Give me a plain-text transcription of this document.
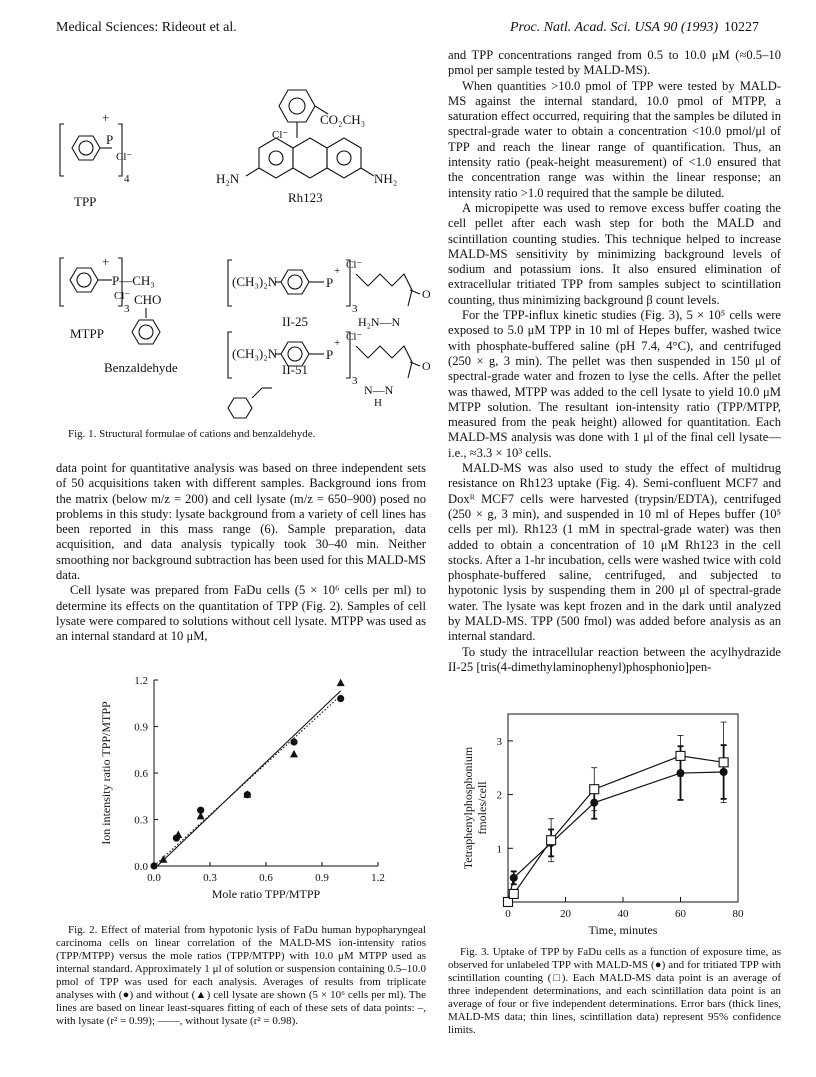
Medical Sciences: Rideout et al.	Proc. Natl. Acad. Sci. USA 90 (1993) 10227
+
P
Cl⁻
4
TPP
CO₂CH₃
Cl⁻
H₂N	NH₂
Rh123
+
P—CH₃
Cl⁻
3
MTPP
(CH₃)₂N	P
+ Cl⁻
3
O
H₂N—N
II-25
CHO
Benzaldehyde
(CH₃)₂N	P
+ Cl⁻
3
O
N—N
H
II-51

Fig. 1. Structural formulae of cations and benzaldehyde.

data point for quantitative analysis was based on three independent sets of 50 acquisitions taken with different samples. Background ions from the matrix (below m/z = 200) and cell lysate (m/z = 650–900) posed no problems in this study: lysate background from a variety of cell lines has been reported in this mass range (6). Sample preparation, data acquisition, and data analysis typically took 30–40 min. Neither smoothing nor background subtraction has been used for this MALD-MS data.

Cell lysate was prepared from FaDu cells (5 × 10⁶ cells per ml) to determine its effects on the quantitation of TPP (Fig. 2). Samples of cell lysate were compared to solutions without cell lysate. MTPP was used as an internal standard at 10 μM,

0.0	0.3	0.6	0.9	1.2
0.0
0.3
0.6
0.9
1.2
Ion intensity ratio TPP/MTPP
Mole ratio TPP/MTPP

Fig. 2. Effect of material from hypotonic lysis of FaDu human hypopharyngeal carcinoma cells on linear correlation of the MALD-MS ion-intensity ratios (TPP/MTPP) versus the mole ratios (TPP/MTPP) with 10.0 μM MTPP used as internal standard. Approximately 1 μl of solution or suspension containing 0.5–10.0 pmol of TPP was used for each analysis. Averages of results from triplicate analyses with (●) and without (▲) cell lysate are shown (5 × 10⁶ cells per ml). The lines are based on linear least-squares fitting of each of these sets of data points: –, with lysate (r² = 0.99); ——, without lysate (r² = 0.98).

and TPP concentrations ranged from 0.5 to 10.0 μM (≈0.5–10 pmol per sample tested by MALD-MS).

When quantities >10.0 pmol of TPP were tested by MALD-MS against the internal standard, 10.0 pmol of MTPP, a saturation effect occurred, requiring that the samples be diluted in spectral-grade water to obtain a concentration <10.0 pmol/μl of TPP and reach the linear range of quantification. Thus, an intensity ratio (peak-height measurement) of <1.0 ensured that the concentration range was within the linear response; an intensity ratio >1.0 required that the sample be diluted.

A micropipette was used to remove excess buffer coating the cell pellet after each wash step for both the MALD and scintillation counting studies. This technique helped to increase MALD-MS sensitivity by minimizing background levels of sodium and potassium ions. It also ensured elimination of extracellular tritiated TPP from samples subject to scintillation counting, thus minimizing background β count levels.

For the TPP-influx kinetic studies (Fig. 3), 5 × 10⁵ cells were exposed to 5.0 μM TPP in 10 ml of Hepes buffer, washed twice with phosphate-buffered saline (pH 7.4, 4°C), and centrifuged (250 × g, 3 min). The pellet was then suspended in 150 μl of spectral-grade water and frozen to lyse the cells. After the pellet was thawed, MTPP was added to the cell lysate to yield 10.0 μM MTPP solution. The resultant ion-intensity ratio (TPP/MTPP, measured from the peak height) allowed for quantitation. Each MALD-MS analysis was done with 1 μl of the final cell lysate—i.e., ≈3.3 × 10³ cells.

MALD-MS was also used to study the effect of multidrug resistance on Rh123 uptake (Fig. 4). Semi-confluent MCF7 and Doxᴿ MCF7 cells were harvested (trypsin/EDTA), centrifuged (250 × g, 3 min), and suspended in 10 ml of Hepes buffer (10⁵ cells per ml). Rh123 (1 mM in spectral-grade water) was then added to obtain a concentration of 10 μM Rh123 in the cell stocks. After a 1-hr incubation, cells were washed twice with cold phosphate-buffered saline, centrifuged, and subjected to hypotonic lysis by suspending them in 200 μl of spectral-grade water. The lysate was kept frozen and in the dark until analyzed by MALD-MS. TPP (500 fmol) was added before analysis as an internal standard.

To study the intracellular reaction between the acylhydrazide II-25 [tris(4-dimethylaminophenyl)phosphonio]pen-

0	20	40	60	80
1
2
3
Tetraphenylphosphoniumfmoles/cell
Time, minutes

Fig. 3. Uptake of TPP by FaDu cells as a function of exposure time, as observed for unlabeled TPP with MALD-MS (●) and for tritiated TPP with scintillation counting (□). Each MALD-MS data point is an average of three independent determinations, and each scintillation data point is an average of four or five independent determinations. Error bars (thick lines, MALD-MS data; thin lines, scintillation data) represent 95% confidence limits.
